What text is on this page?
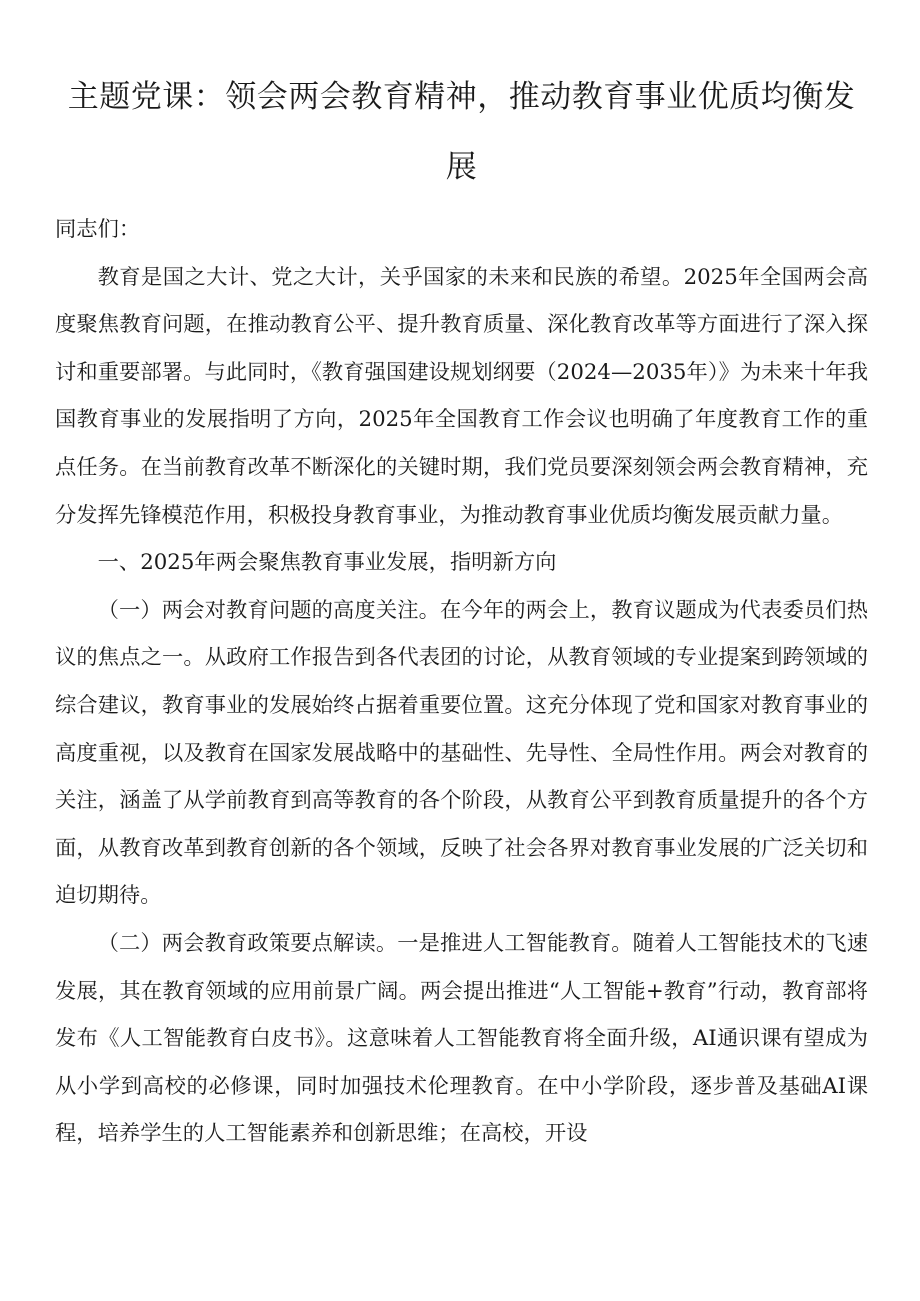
主题党课：领会两会教育精神，推动教育事业优质均衡发展

同志们：

教育是国之大计、党之大计，关乎国家的未来和民族的希望。2025年全国两会高度聚焦教育问题，在推动教育公平、提升教育质量、深化教育改革等方面进行了深入探讨和重要部署。与此同时，《教育强国建设规划纲要（2024—2035年）》为未来十年我国教育事业的发展指明了方向，2025年全国教育工作会议也明确了年度教育工作的重点任务。在当前教育改革不断深化的关键时期，我们党员要深刻领会两会教育精神，充分发挥先锋模范作用，积极投身教育事业，为推动教育事业优质均衡发展贡献力量。

一、2025年两会聚焦教育事业发展，指明新方向

（一）两会对教育问题的高度关注。在今年的两会上，教育议题成为代表委员们热议的焦点之一。从政府工作报告到各代表团的讨论，从教育领域的专业提案到跨领域的综合建议，教育事业的发展始终占据着重要位置。这充分体现了党和国家对教育事业的高度重视，以及教育在国家发展战略中的基础性、先导性、全局性作用。两会对教育的关注，涵盖了从学前教育到高等教育的各个阶段，从教育公平到教育质量提升的各个方面，从教育改革到教育创新的各个领域，反映了社会各界对教育事业发展的广泛关切和迫切期待。

（二）两会教育政策要点解读。一是推进人工智能教育。随着人工智能技术的飞速发展，其在教育领域的应用前景广阔。两会提出推进“人工智能+教育”行动，教育部将发布《人工智能教育白皮书》。这意味着人工智能教育将全面升级，AI通识课有望成为从小学到高校的必修课，同时加强技术伦理教育。在中小学阶段，逐步普及基础AI课程，培养学生的人工智能素养和创新思维；在高校，开设
